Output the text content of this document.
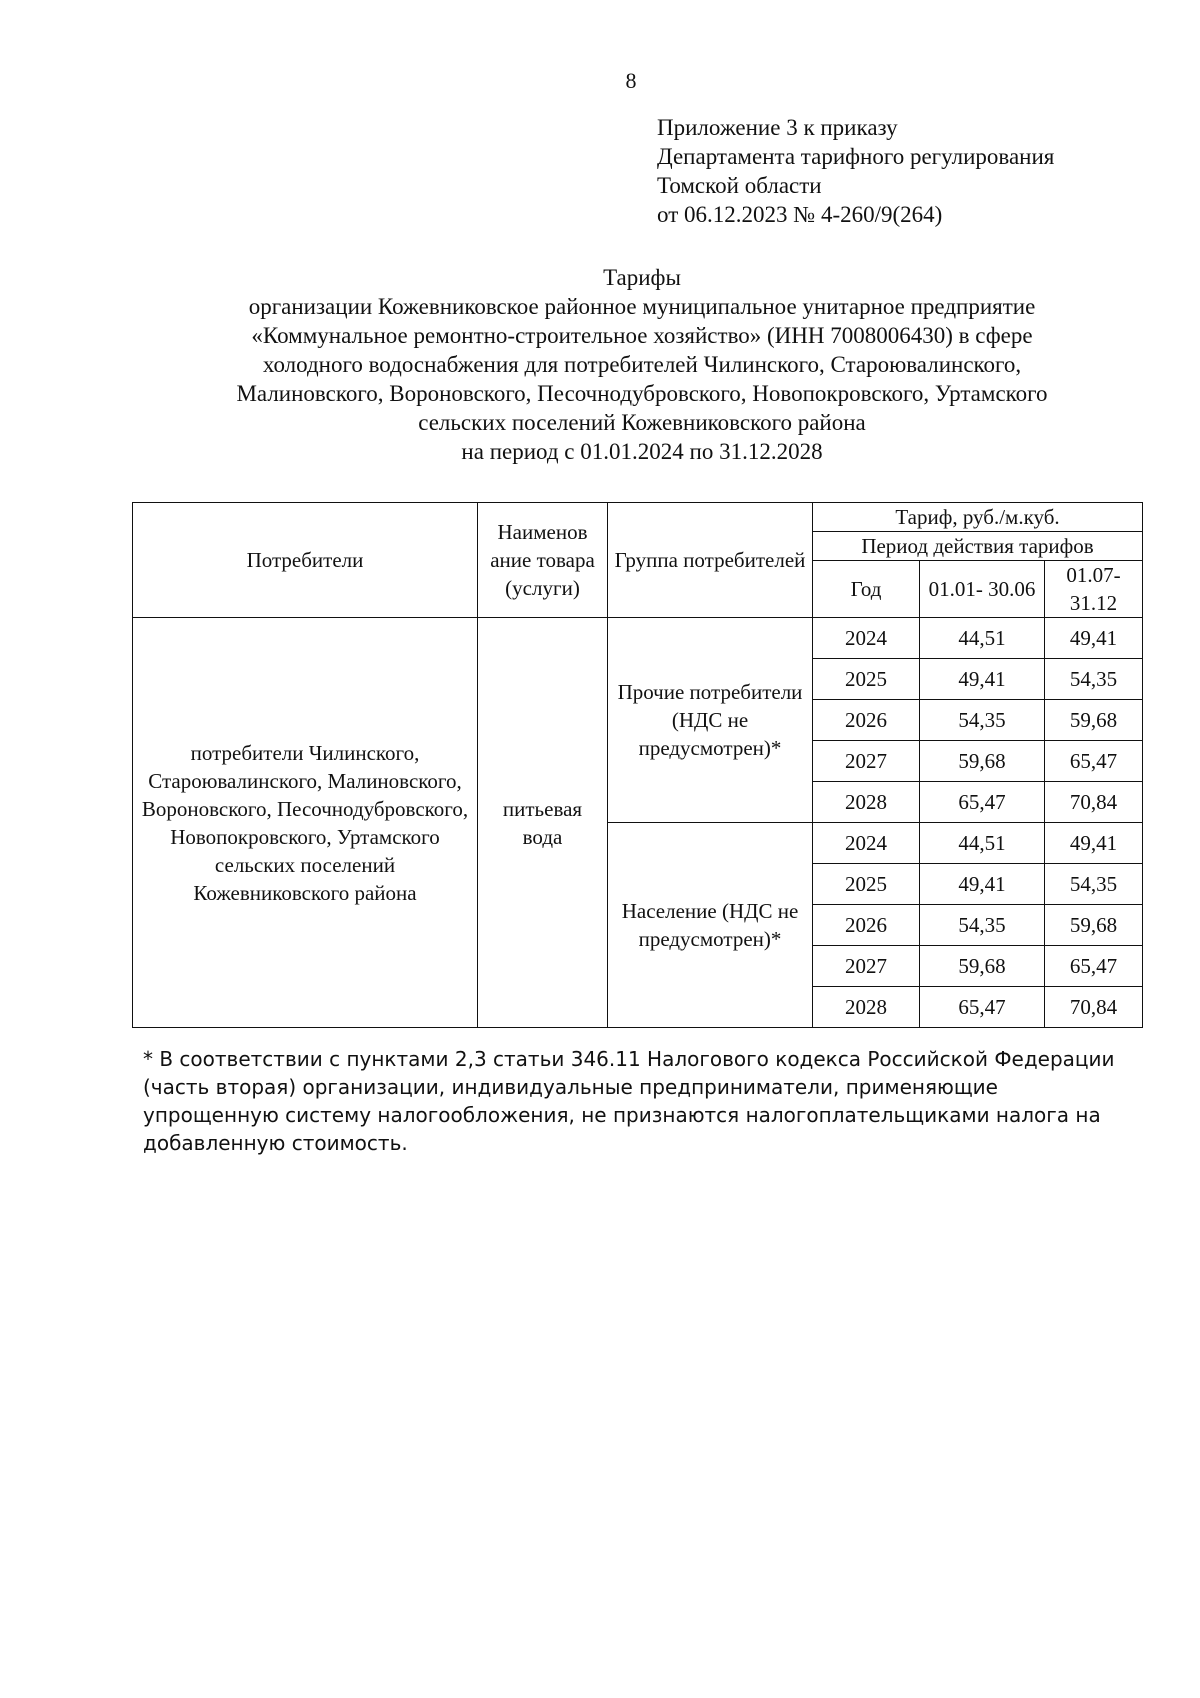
8
Приложение 3 к приказу
Департамента тарифного регулирования
Томской области
от 06.12.2023 № 4-260/9(264)
Тарифы
организации Кожевниковское районное муниципальное унитарное предприятие
«Коммунальное ремонтно-строительное хозяйство» (ИНН 7008006430) в сфере
холодного водоснабжения для потребителей Чилинского, Староювалинского,
Малиновского, Вороновского, Песочнодубровского, Новопокровского, Уртамского
сельских поселений Кожевниковского района
на период с 01.01.2024 по 31.12.2028
Потребители	Наименов ание товара (услуги)	Группа потребителей	Тариф, руб./м.куб.		
			Период действия тарифов		
			Год	01.01- 30.06	01.07- 31.12
потребители Чилинского, Староювалинского, Малиновского, Вороновского, Песочнодубровского, Новопокровского, Уртамского сельских поселений Кожевниковского района	питьевая вода	Прочие потребители (НДС не предусмотрен)*	2024	44,51	49,41
			2025	49,41	54,35
			2026	54,35	59,68
			2027	59,68	65,47
			2028	65,47	70,84
		Население (НДС не предусмотрен)*	2024	44,51	49,41
			2025	49,41	54,35
			2026	54,35	59,68
			2027	59,68	65,47
			2028	65,47	70,84
* В соответствии с пунктами 2,3 статьи 346.11 Налогового кодекса Российской Федерации (часть вторая) организации, индивидуальные предприниматели, применяющие упрощенную систему налогообложения, не признаются налогоплательщиками налога на добавленную стоимость.
